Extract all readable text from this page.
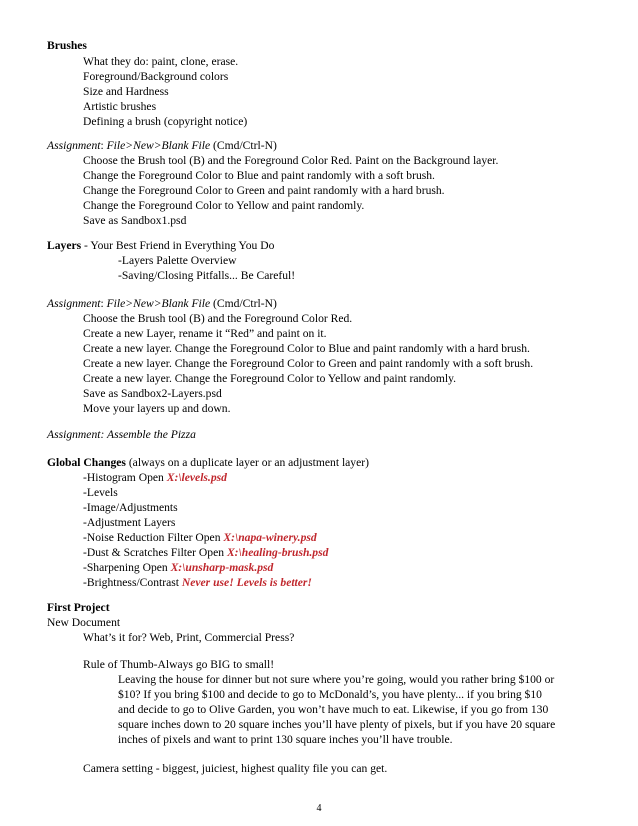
Brushes
What they do: paint, clone, erase.
Foreground/Background colors
Size and Hardness
Artistic brushes
Defining a brush (copyright notice)
Assignment: File>New>Blank File (Cmd/Ctrl-N)
Choose the Brush tool (B) and the Foreground Color Red. Paint on the Background layer.
Change the Foreground Color to Blue and paint randomly with a soft brush.
Change the Foreground Color to Green and paint randomly with a hard brush.
Change the Foreground Color to Yellow and paint randomly.
Save as Sandbox1.psd
Layers - Your Best Friend in Everything You Do
-Layers Palette Overview
-Saving/Closing Pitfalls... Be Careful!
Assignment: File>New>Blank File (Cmd/Ctrl-N)
Choose the Brush tool (B) and the Foreground Color Red.
Create a new Layer, rename it “Red” and paint on it.
Create a new layer. Change the Foreground Color to Blue and paint randomly with a hard brush.
Create a new layer. Change the Foreground Color to Green and paint randomly with a soft brush.
Create a new layer. Change the Foreground Color to Yellow and paint randomly.
Save as Sandbox2-Layers.psd
Move your layers up and down.
Assignment: Assemble the Pizza
Global Changes (always on a duplicate layer or an adjustment layer)
-Histogram Open X:\levels.psd
-Levels
-Image/Adjustments
-Adjustment Layers
-Noise Reduction Filter Open X:\napa-winery.psd
-Dust & Scratches Filter Open X:\healing-brush.psd
-Sharpening Open X:\unsharp-mask.psd
-Brightness/Contrast Never use! Levels is better!
First Project
New Document
What’s it for? Web, Print, Commercial Press?
Rule of Thumb-Always go BIG to small!
Leaving the house for dinner but not sure where you’re going, would you rather bring $100 or
$10? If you bring $100 and decide to go to McDonald’s, you have plenty... if you bring $10
and decide to go to Olive Garden, you won’t have much to eat. Likewise, if you go from 130
square inches down to 20 square inches you’ll have plenty of pixels, but if you have 20 square
inches of pixels and want to print 130 square inches you’ll have trouble.
Camera setting - biggest, juiciest, highest quality file you can get.
4
